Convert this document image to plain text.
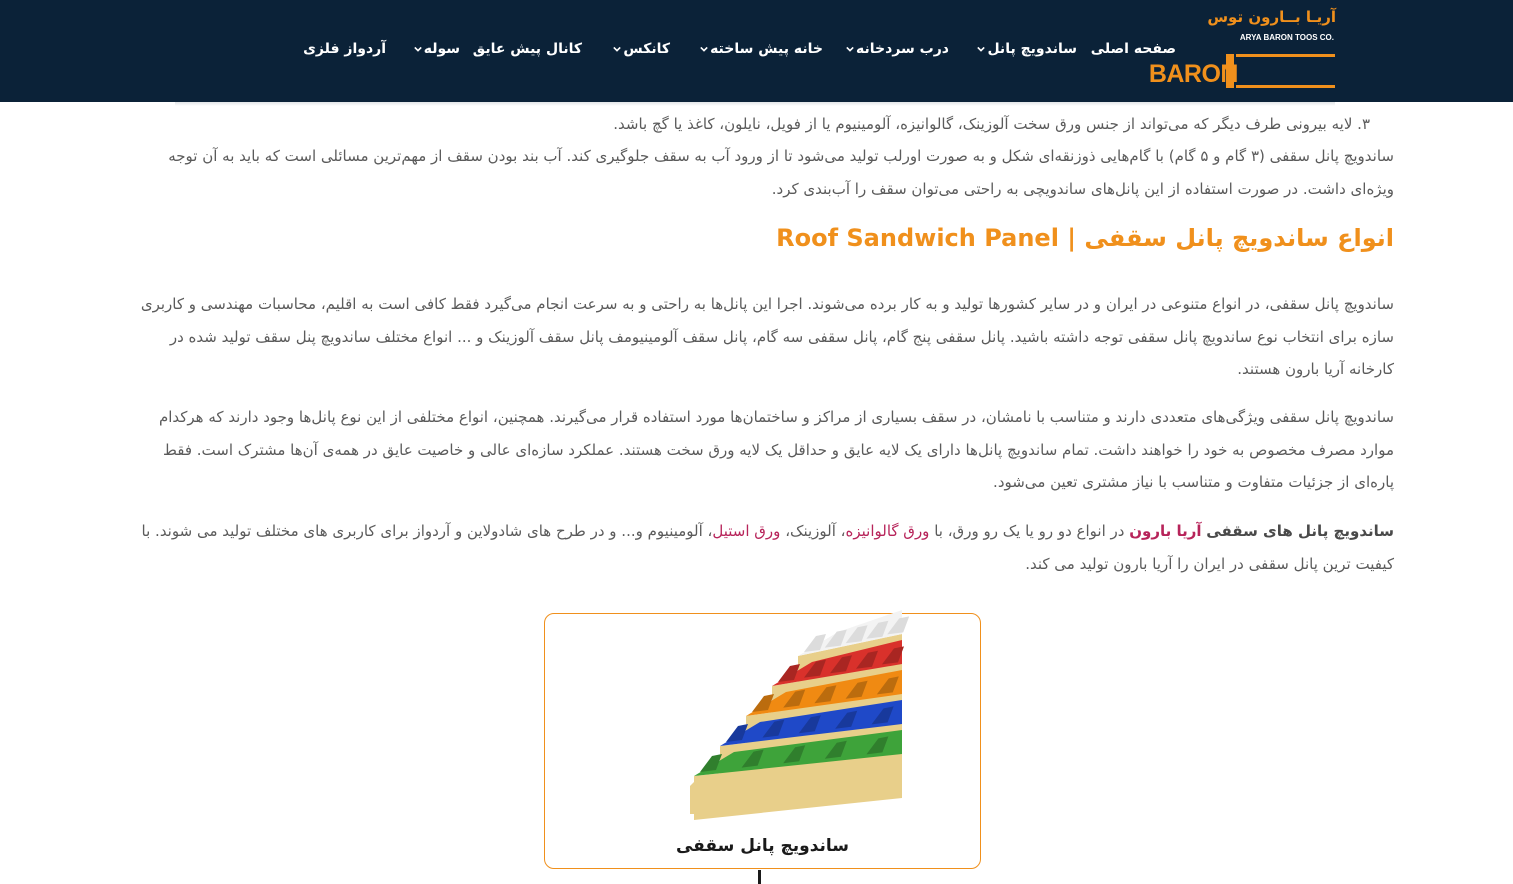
آریـا بــارون توس
ARYA BARON TOOS CO.
BARON
صفحه اصلی
ساندویچ پانل
درب سردخانه
خانه پیش ساخته
کانکس
کانال پیش عایق
سوله
آردواز فلزی

۳. لایه بیرونی طرف دیگر که می‌تواند از جنس ورق سخت آلوزینک، گالوانیزه، آلومینیوم یا از فویل، نایلون، کاغذ یا گچ باشد.

ساندویچ پانل سقفی (۳ گام و ۵ گام) با گام‌هایی ذوزنقه‌ای شکل و به صورت اورلب تولید می‌شود تا از ورود آب به سقف جلوگیری کند. آب بند بودن سقف از مهم‌ترین مسائلی است که باید به آن توجه ویژه‌ای داشت. در صورت استفاده از این پانل‌های ساندویچی به راحتی می‌توان سقف را آب‌بندی کرد.

انواع ساندویچ پانل سقفی | Roof Sandwich Panel

ساندویچ پانل سقفی، در انواع متنوعی در ایران و در سایر کشورها تولید و به کار برده می‌شوند. اجرا این پانل‌ها به راحتی و به سرعت انجام می‌گیرد فقط کافی است به اقلیم، محاسبات مهندسی و کاربری سازه برای انتخاب نوع ساندویچ پانل سقفی توجه داشته باشید. پانل سقفی پنج گام، پانل سقفی سه گام، پانل سقف آلومینیومف پانل سقف آلوزینک و ... انواع مختلف ساندویچ پنل سقف تولید شده در کارخانه آریا بارون هستند.

ساندویچ پانل سقفی ویژگی‌های متعددی دارند و متناسب با نامشان، در سقف بسیاری از مراکز و ساختمان‌ها مورد استفاده قرار می‌گیرند. همچنین، انواع مختلفی از این نوع پانل‌ها وجود دارند که هرکدام موارد مصرف مخصوص به خود را خواهند داشت. تمام ساندویچ پانل‌ها دارای یک لایه عایق و حداقل یک لایه ورق سخت هستند. عملکرد سازه‌ای عالی و خاصیت عایق در همه‌ی آن‌ها مشترک است. فقط پاره‌ای از جزئیات متفاوت و متناسب با نیاز مشتری تعین می‌شود.

ساندویچ پانل های سقفی آریا بارون در انواع دو رو یا یک رو ورق، با ورق گالوانیزه، آلوزینک، ورق استیل، آلومینیوم و... و در طرح های شادولاین و آردواز برای کاربری های مختلف تولید می شوند. با کیفیت ترین پانل سقفی در ایران را آریا بارون تولید می کند.

ساندویچ پانل سقفی
